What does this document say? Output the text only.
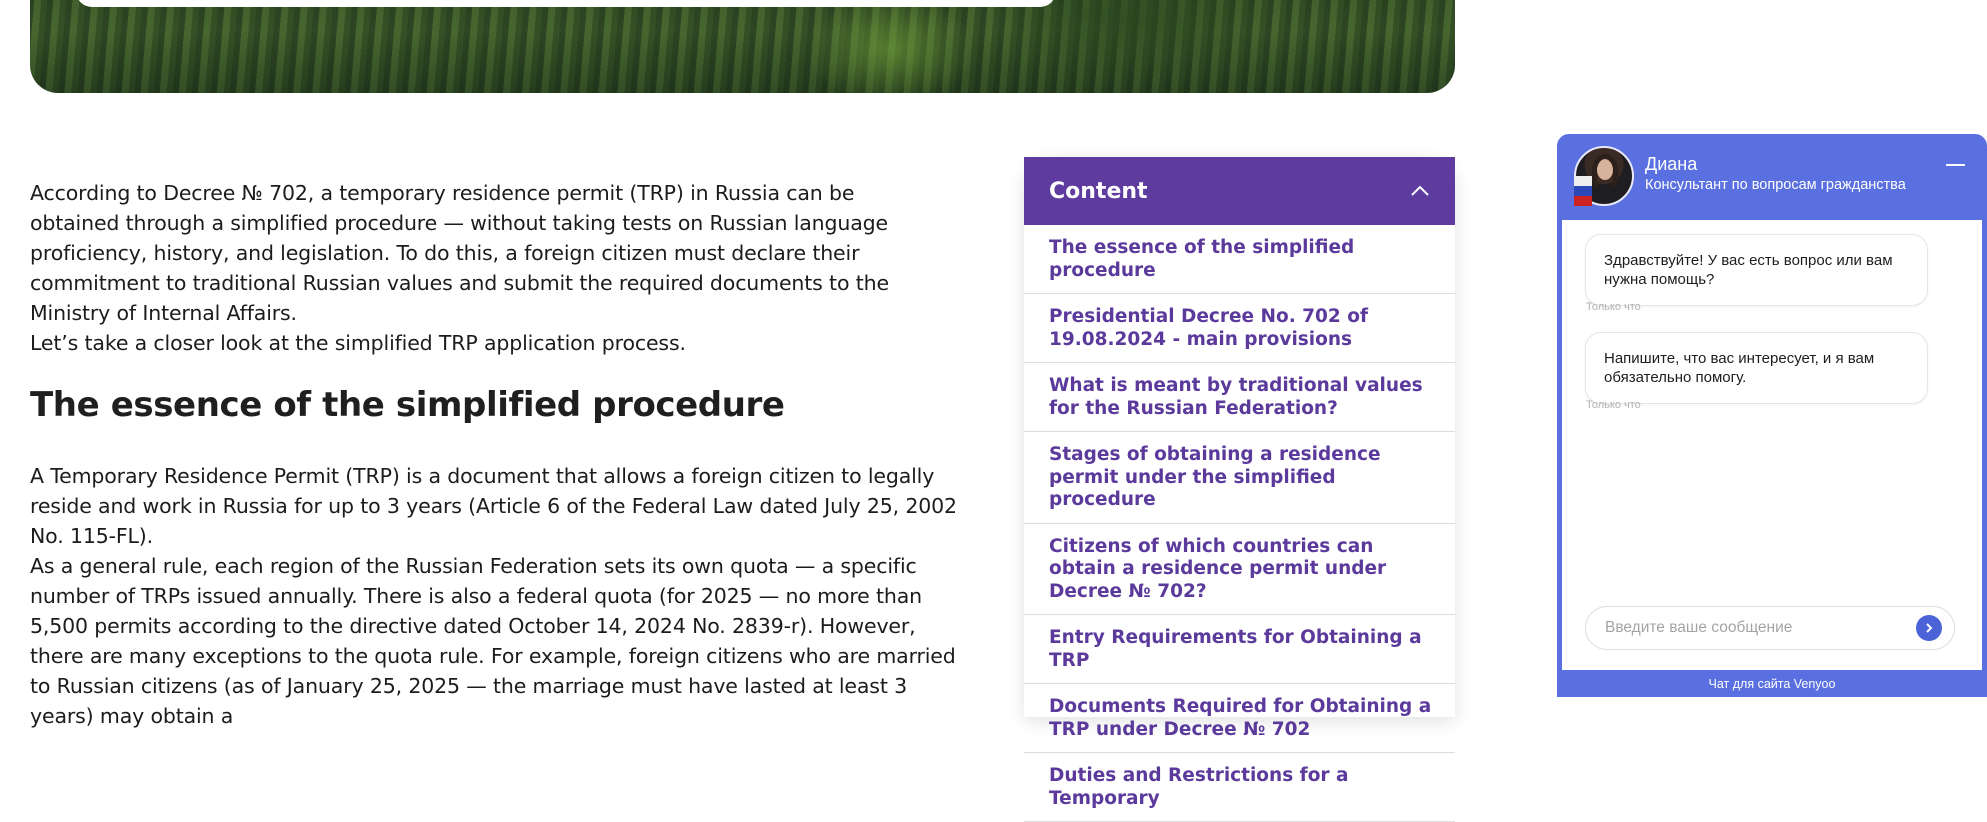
According to Decree № 702, a temporary residence permit (TRP) in Russia can be obtained through a simplified procedure — without taking tests on Russian language proficiency, history, and legislation. To do this, a foreign citizen must declare their commitment to traditional Russian values and submit the required documents to the Ministry of Internal Affairs.

Let’s take a closer look at the simplified TRP application process.

The essence of the simplified procedure

A Temporary Residence Permit (TRP) is a document that allows a foreign citizen to legally reside and work in Russia for up to 3 years (Article 6 of the Federal Law dated July 25, 2002 No. 115-FL).

As a general rule, each region of the Russian Federation sets its own quota — a specific number of TRPs issued annually. There is also a federal quota (for 2025 — no more than 5,500 permits according to the directive dated October 14, 2024 No. 2839-r). However, there are many exceptions to the quota rule. For example, foreign citizens who are married to Russian citizens (as of January 25, 2025 — the marriage must have lasted at least 3 years) may obtain a

Content
The essence of the simplified procedure
Presidential Decree No. 702 of 19.08.2024 - main provisions
What is meant by traditional values for the Russian Federation?
Stages of obtaining a residence permit under the simplified procedure
Citizens of which countries can obtain a residence permit under Decree № 702?
Entry Requirements for Obtaining a TRP
Documents Required for Obtaining a TRP under Decree № 702
Duties and Restrictions for a Temporary
Диана
Консультант по вопросам гражданства
Здравствуйте! У вас есть вопрос или вам нужна помощь?
Только что
Напишите, что вас интересует, и я вам обязательно помогу.
Только что
Введите ваше сообщение
Чат для сайта Venyoo
